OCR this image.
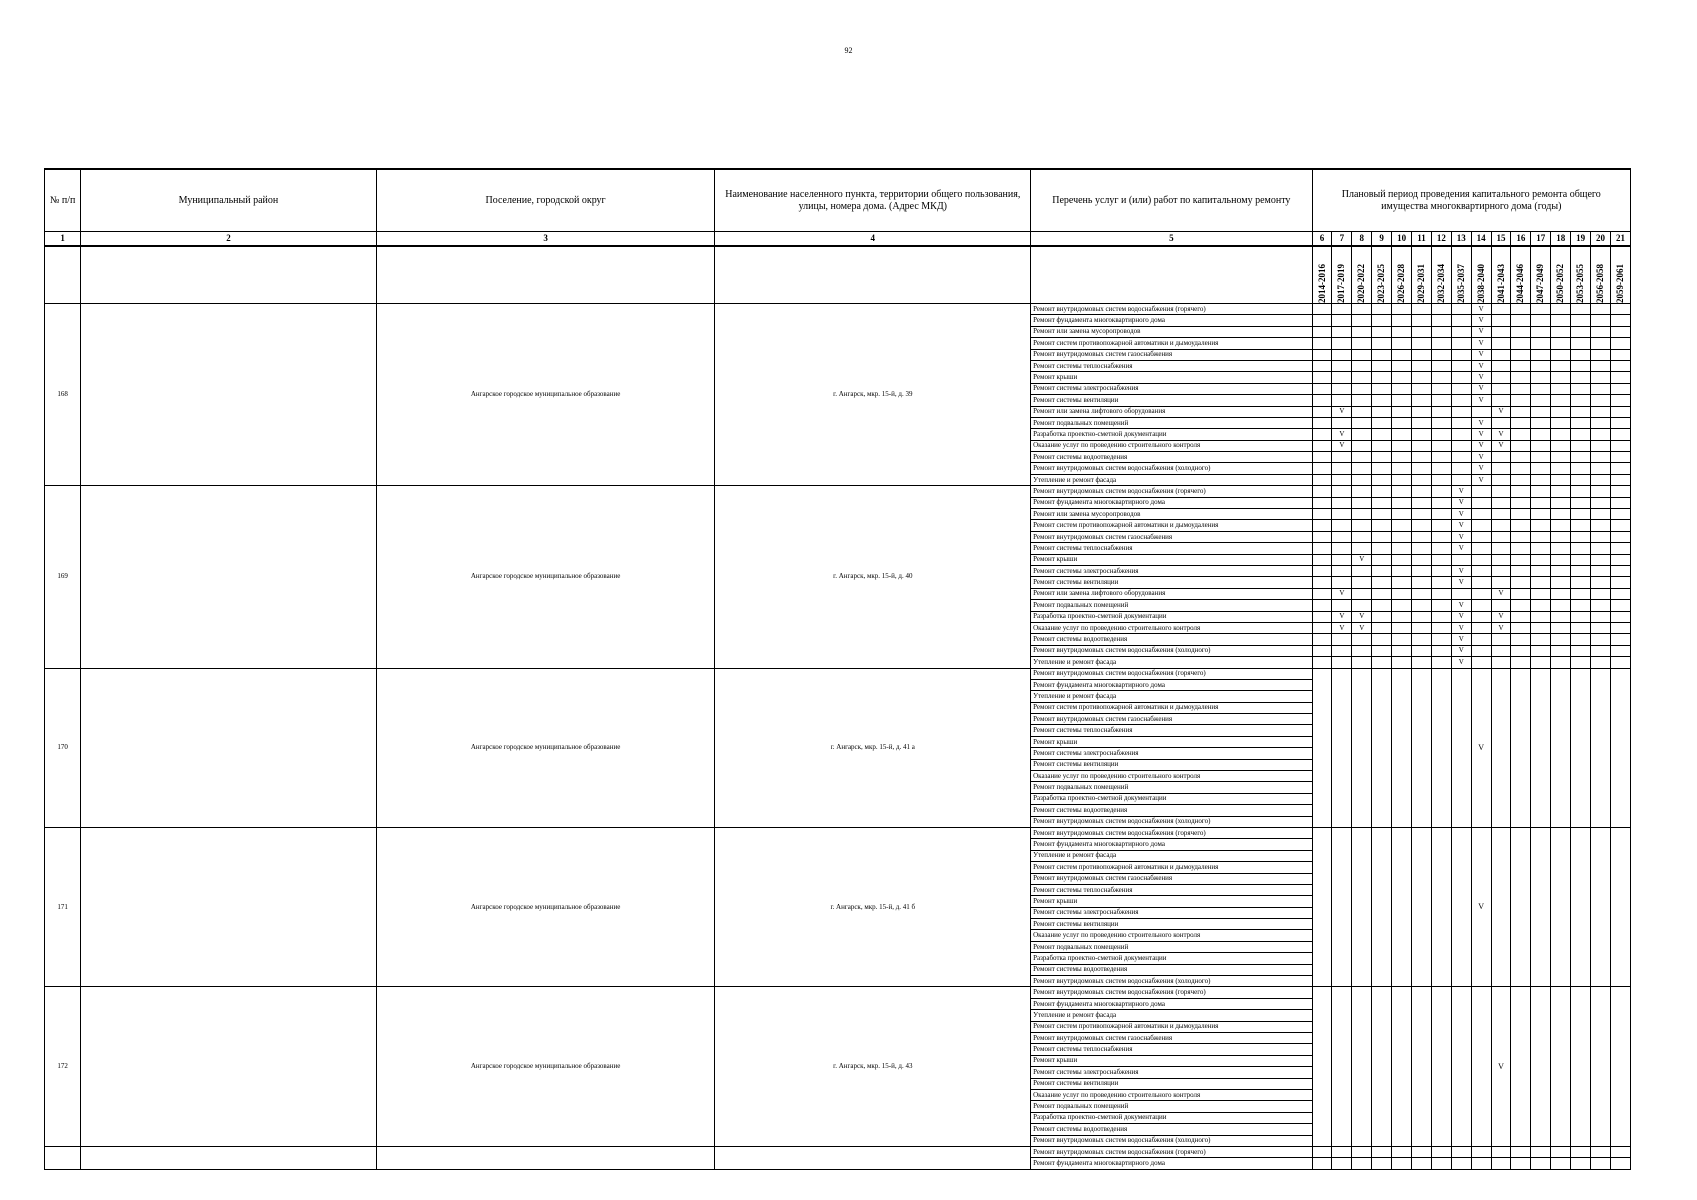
92
№ п/п	Муниципальный район	Поселение, городской округ	Наименование населенного пункта, территории общего пользования, улицы, номера дома. (Адрес МКД)	Перечень услуг и (или) работ по капитальному ремонту	Плановый период проведения капитального ремонта общего имущества многоквартирного дома (годы)															
1	2	3	4	5	6	7	8	9	10	11	12	13	14	15	16	17	18	19	20	21

					2014-2016	2017-2019	2020-2022	2023-2025	2026-2028	2029-2031	2032-2034	2035-2037	2038-2040	2041-2043	2044-2046	2047-2049	2050-2052	2053-2055	2056-2058	2059-2061

168		Ангарское городское муниципальное образование	г. Ангарск, мкр. 15-й, д. 39	Ремонт внутридомовых систем водоснабжения (горячего)									V							
				Ремонт фундамента многоквартирного дома									V							
				Ремонт или замена мусоропроводов									V							
				Ремонт систем противопожарной автоматики и дымоудаления									V							
				Ремонт внутридомовых систем газоснабжения									V							
				Ремонт системы теплоснабжения									V							
				Ремонт крыши									V							
				Ремонт системы электроснабжения									V							
				Ремонт системы вентиляции									V							
				Ремонт или замена лифтового оборудования		V								V						
				Ремонт подвальных помещений									V							
				Разработка проектно-сметной документации		V							V	V						
				Оказание услуг по проведению строительного контроля		V							V	V						
				Ремонт системы водоотведения									V							
				Ремонт внутридомовых систем водоснабжения (холодного)									V							
				Утепление и ремонт фасада									V							
169		Ангарское городское муниципальное образование	г. Ангарск, мкр. 15-й, д. 40	Ремонт внутридомовых систем водоснабжения (горячего)								V								
				Ремонт фундамента многоквартирного дома								V								
				Ремонт или замена мусоропроводов								V								
				Ремонт систем противопожарной автоматики и дымоудаления								V								
				Ремонт внутридомовых систем газоснабжения								V								
				Ремонт системы теплоснабжения								V								
				Ремонт крыши			V													
				Ремонт системы электроснабжения								V								
				Ремонт системы вентиляции								V								
				Ремонт или замена лифтового оборудования		V								V						
				Ремонт подвальных помещений								V								
				Разработка проектно-сметной документации		V	V					V		V						
				Оказание услуг по проведению строительного контроля		V	V					V		V						
				Ремонт системы водоотведения								V								
				Ремонт внутридомовых систем водоснабжения (холодного)								V								
				Утепление и ремонт фасада								V								
170		Ангарское городское муниципальное образование	г. Ангарск, мкр. 15-й, д. 41 а	Ремонт внутридомовых систем водоснабжения (горячего)									V							
				Ремонт фундамента многоквартирного дома																
				Утепление и ремонт фасада																
				Ремонт систем противопожарной автоматики и дымоудаления																
				Ремонт внутридомовых систем газоснабжения																
				Ремонт системы теплоснабжения																
				Ремонт крыши																
				Ремонт системы электроснабжения																
				Ремонт системы вентиляции																
				Оказание услуг по проведению строительного контроля																
				Ремонт подвальных помещений																
				Разработка проектно-сметной документации																
				Ремонт системы водоотведения																
				Ремонт внутридомовых систем водоснабжения (холодного)																
171		Ангарское городское муниципальное образование	г. Ангарск, мкр. 15-й, д. 41 б	Ремонт внутридомовых систем водоснабжения (горячего)									V							
				Ремонт фундамента многоквартирного дома																
				Утепление и ремонт фасада																
				Ремонт систем противопожарной автоматики и дымоудаления																
				Ремонт внутридомовых систем газоснабжения																
				Ремонт системы теплоснабжения																
				Ремонт крыши																
				Ремонт системы электроснабжения																
				Ремонт системы вентиляции																
				Оказание услуг по проведению строительного контроля																
				Ремонт подвальных помещений																
				Разработка проектно-сметной документации																
				Ремонт системы водоотведения																
				Ремонт внутридомовых систем водоснабжения (холодного)																
172		Ангарское городское муниципальное образование	г. Ангарск, мкр. 15-й, д. 43	Ремонт внутридомовых систем водоснабжения (горячего)										V						
				Ремонт фундамента многоквартирного дома																
				Утепление и ремонт фасада																
				Ремонт систем противопожарной автоматики и дымоудаления																
				Ремонт внутридомовых систем газоснабжения																
				Ремонт системы теплоснабжения																
				Ремонт крыши																
				Ремонт системы электроснабжения																
				Ремонт системы вентиляции																
				Оказание услуг по проведению строительного контроля																
				Ремонт подвальных помещений																
				Разработка проектно-сметной документации																
				Ремонт системы водоотведения																
				Ремонт внутридомовых систем водоснабжения (холодного)																
				Ремонт внутридомовых систем водоснабжения (горячего)																
				Ремонт фундамента многоквартирного дома																
